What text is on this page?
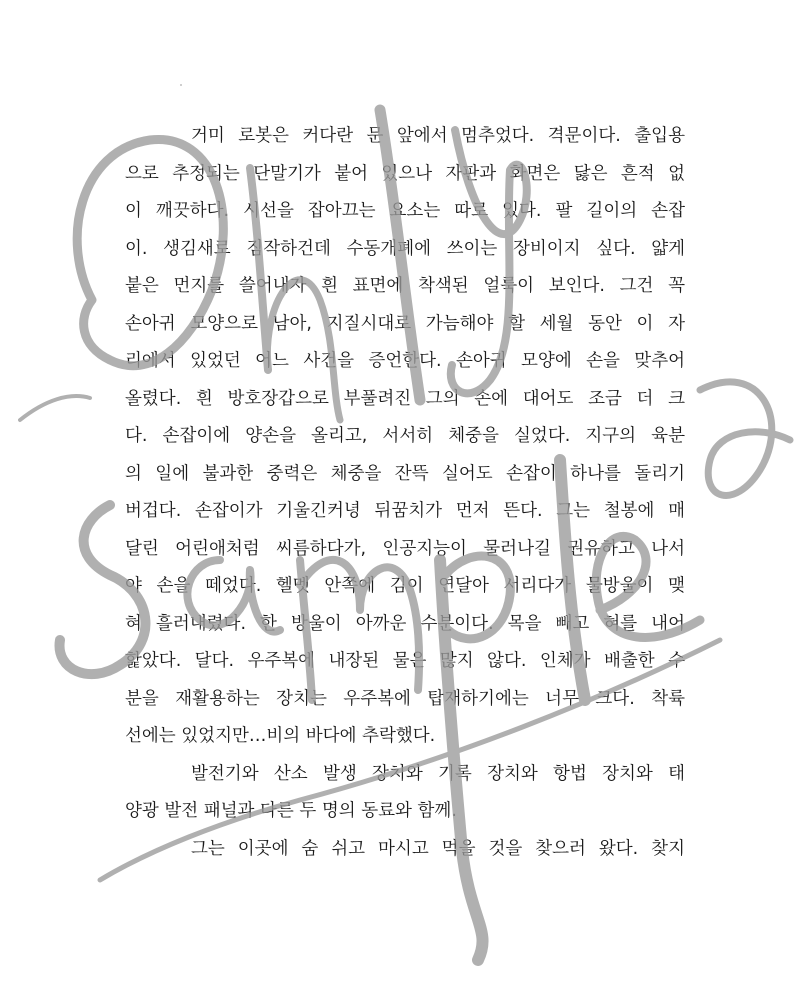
거미 로봇은 커다란 문 앞에서 멈추었다. 격문이다. 출입용
으로 추정되는 단말기가 붙어 있으나 자판과 화면은 닳은 흔적 없
이 깨끗하다. 시선을 잡아끄는 요소는 따로 있다. 팔 길이의 손잡
이. 생김새로 짐작하건데 수동개폐에 쓰이는 장비이지 싶다. 얇게
붙은 먼지를 쓸어내자 흰 표면에 착색된 얼룩이 보인다. 그건 꼭
손아귀 모양으로 남아, 지질시대로 가늠해야 할 세월 동안 이 자
리에서 있었던 어느 사건을 증언한다. 손아귀 모양에 손을 맞추어
올렸다. 흰 방호장갑으로 부풀려진 그의 손에 대어도 조금 더 크
다. 손잡이에 양손을 올리고, 서서히 체중을 실었다. 지구의 육분
의 일에 불과한 중력은 체중을 잔뜩 실어도 손잡이 하나를 돌리기
버겁다. 손잡이가 기울긴커녕 뒤꿈치가 먼저 뜬다. 그는 철봉에 매
달린 어린애처럼 씨름하다가, 인공지능이 물러나길 권유하고 나서
야 손을 떼었다. 헬멧 안쪽에 김이 연달아 서리다가 물방울이 맺
혀 흘러내렸다. 한 방울이 아까운 수분이다. 목을 빼고 혀를 내어
핥았다. 달다. 우주복에 내장된 물은 많지 않다. 인체가 배출한 수
분을 재활용하는 장치는 우주복에 탑재하기에는 너무 크다. 착륙
선에는 있었지만…비의 바다에 추락했다.
발전기와 산소 발생 장치와 기록 장치와 항법 장치와 태
양광 발전 패널과 다른 두 명의 동료와 함께.
그는 이곳에 숨 쉬고 마시고 먹을 것을 찾으러 왔다. 찾지
